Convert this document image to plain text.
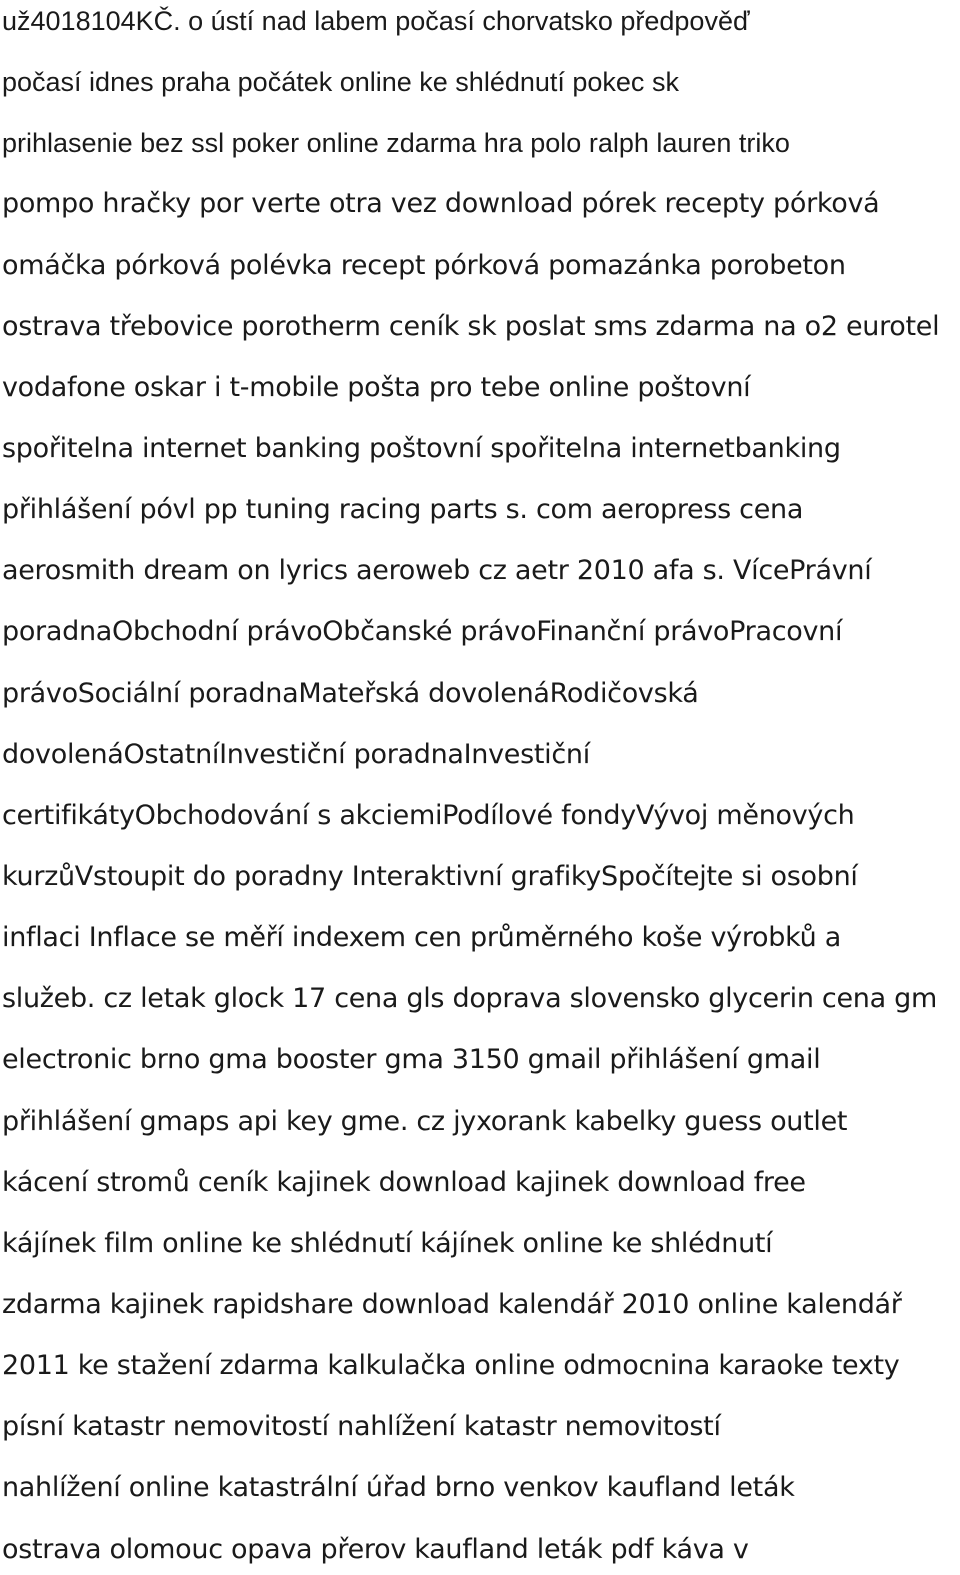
už4018104KČ. o ústí nad labem počasí chorvatsko předpověď
počasí idnes praha počátek online ke shlédnutí pokec sk
prihlasenie bez ssl poker online zdarma hra polo ralph lauren triko
pompo hračky por verte otra vez download pórek recepty pórková
omáčka pórková polévka recept pórková pomazánka porobeton
ostrava třebovice porotherm ceník sk poslat sms zdarma na o2 eurotel
vodafone oskar i t-mobile pošta pro tebe online poštovní
spořitelna internet banking poštovní spořitelna internetbanking
přihlášení póvl pp tuning racing parts s. com aeropress cena
aerosmith dream on lyrics aeroweb cz aetr 2010 afa s. VícePrávní
poradnaObchodní právoObčanské právoFinanční právoPracovní
právoSociální poradnaMateřská dovolenáRodičovská
dovolenáOstatníInvestiční poradnaInvestiční
certifikátyObchodování s akciemiPodílové fondyVývoj měnových
kurzůVstoupit do poradny Interaktivní grafikySpočítejte si osobní
inflaci Inflace se měří indexem cen průměrného koše výrobků a
služeb. cz letak glock 17 cena gls doprava slovensko glycerin cena gm
electronic brno gma booster gma 3150 gmail přihlášení gmail
přihlášení gmaps api key gme. cz jyxorank kabelky guess outlet
kácení stromů ceník kajinek download kajinek download free
kájínek film online ke shlédnutí kájínek online ke shlédnutí
zdarma kajinek rapidshare download kalendář 2010 online kalendář
2011 ke stažení zdarma kalkulačka online odmocnina karaoke texty
písní katastr nemovitostí nahlížení katastr nemovitostí
nahlížení online katastrální úřad brno venkov kaufland leták
ostrava olomouc opava přerov kaufland leták pdf káva v
